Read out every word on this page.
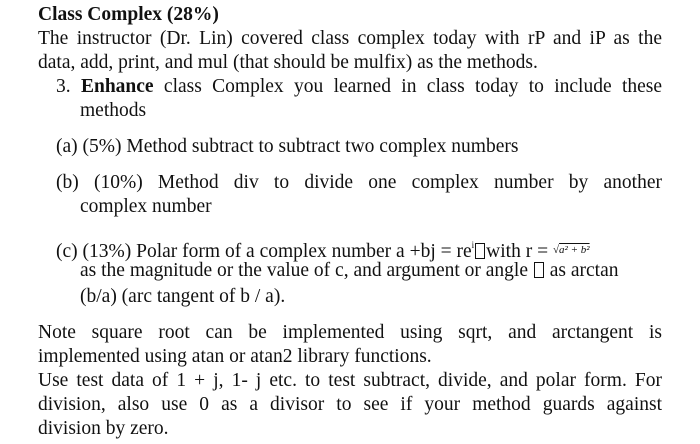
Class Complex (28%)
The instructor (Dr. Lin) covered class complex today with rP and iP as the
data, add, print, and mul (that should be mulfix) as the methods.
3. Enhance class Complex you learned in class today to include these
methods
(a) (5%) Method subtract to subtract two complex numbers
(b) (10%) Method div to divide one complex number by another
complex number
(c) (13%) Polar form of a complex number $a +bj = re^i$ with r = $^{√a^2 + b^2}$
as the magnitude or the value of c, and argument or angle as arctan
(b/a) (arc tangent of b / a).
Note square root can be implemented using sqrt, and arctangent is
implemented using atan or atan2 library functions.
Use test data of 1 + j, 1- j etc. to test subtract, divide, and polar form. For
division, also use 0 as a divisor to see if your method guards against
division by zero.
